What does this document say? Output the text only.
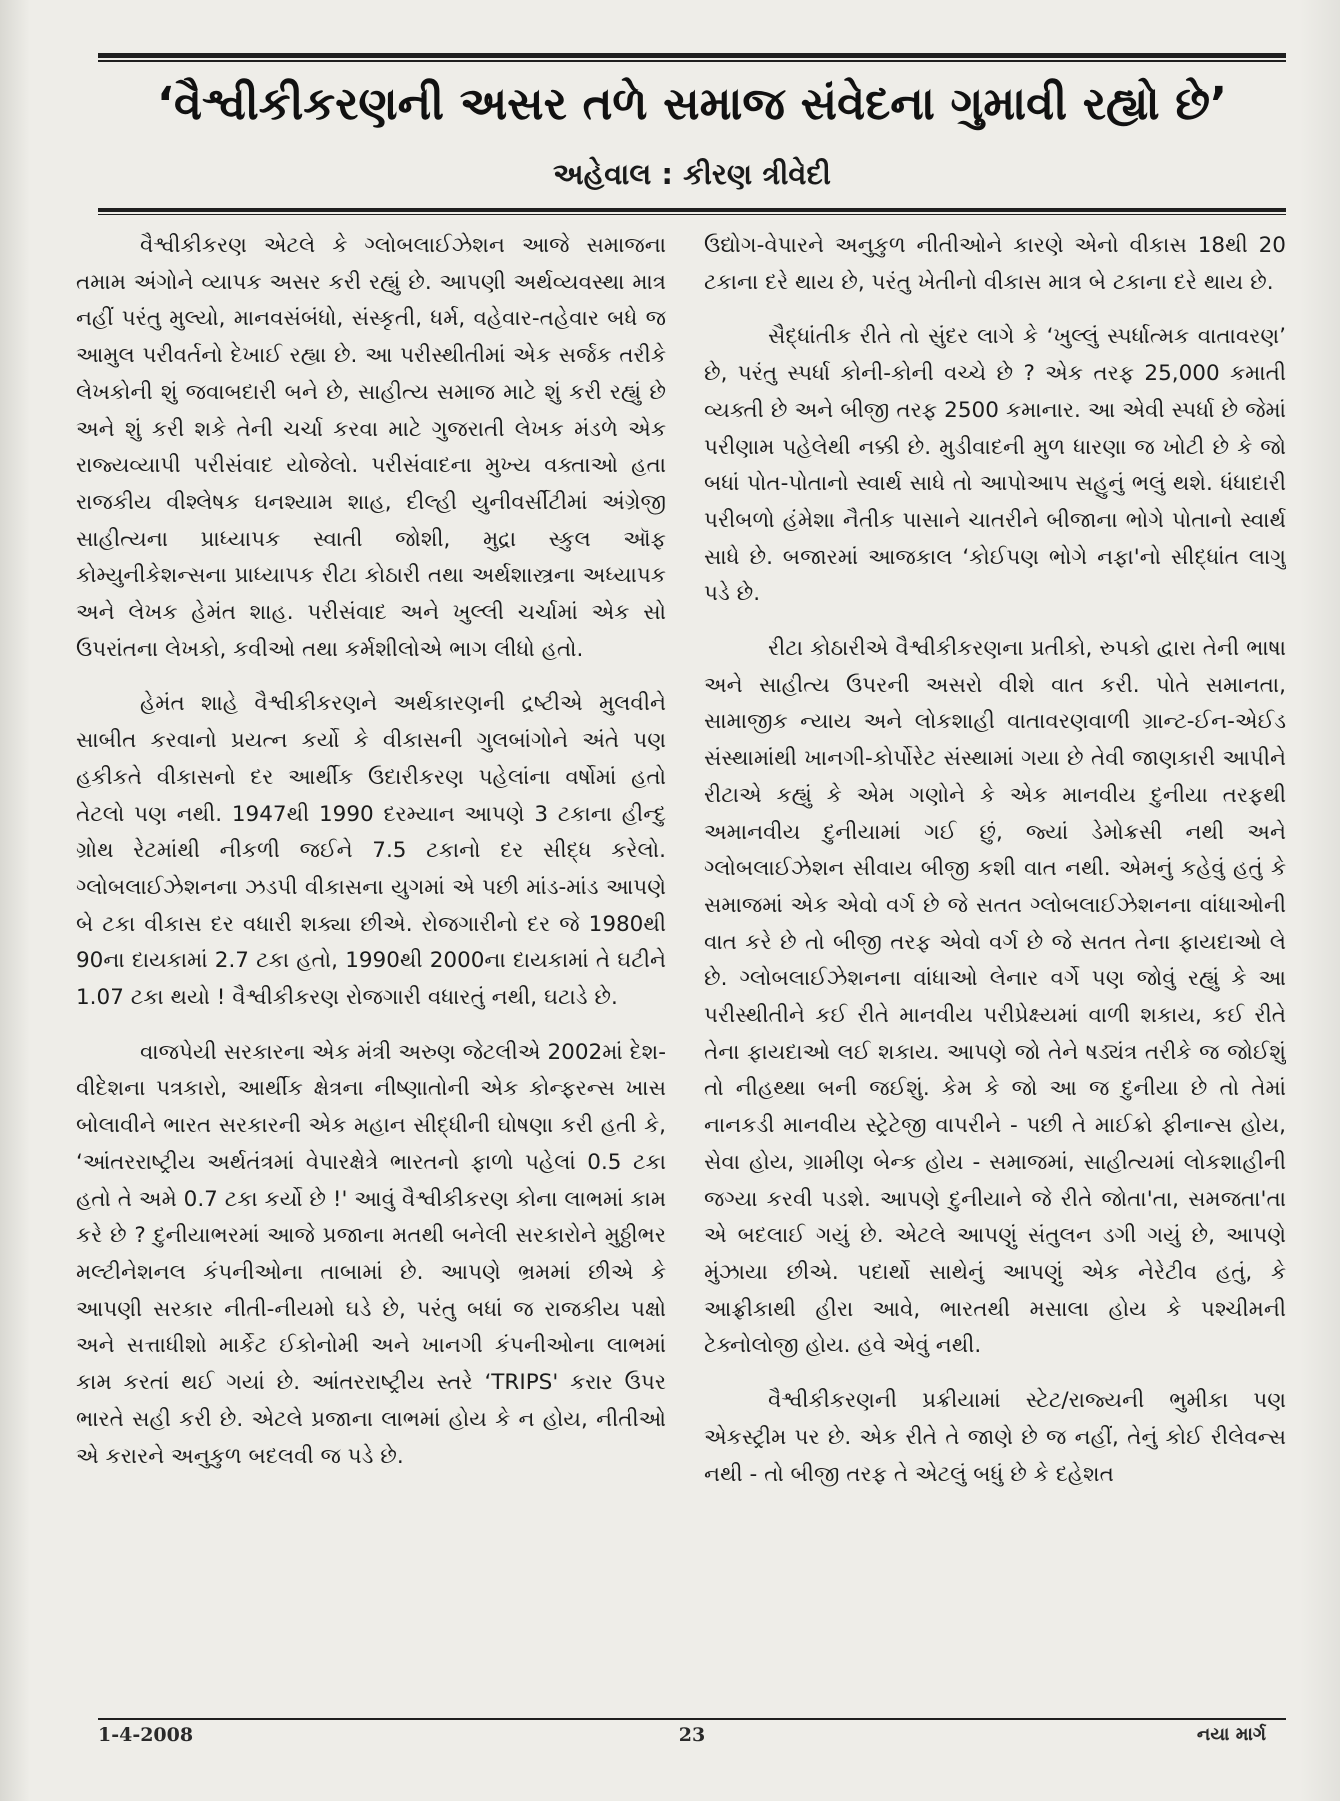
‘વૈશ્વીકીકરણની અસર તળે સમાજ સંવેદના ગુમાવી રહ્યો છે’
અહેવાલ : કીરણ ત્રીવેદી

વૈશ્વીકીકરણ એટલે કે ગ્લોબલાઈઝેશન આજે સમાજના તમામ અંગોને વ્યાપક અસર કરી રહ્યું છે. આપણી અર્થવ્યવસ્થા માત્ર નહીં પરંતુ મુલ્યો, માનવસંબંધો, સંસ્કૃતી, ધર્મ, વહેવાર-તહેવાર બધે જ આમુલ પરીવર્તનો દેખાઈ રહ્યા છે. આ પરીસ્થીતીમાં એક સર્જક તરીકે લેખકોની શું જવાબદારી બને છે, સાહીત્ય સમાજ માટે શું કરી રહ્યું છે અને શું કરી શકે તેની ચર્ચા કરવા માટે ગુજરાતી લેખક મંડળે એક રાજ્યવ્યાપી પરીસંવાદ યોજેલો. પરીસંવાદના મુખ્ય વક્તાઓ હતા રાજકીય વીશ્લેષક ઘનશ્યામ શાહ, દીલ્હી યુનીવર્સીટીમાં અંગ્રેજી સાહીત્યના પ્રાધ્યાપક સ્વાતી જોશી, મુદ્રા સ્કુલ ઑફ કોમ્યુનીકેશન્સના પ્રાધ્યાપક રીટા કોઠારી તથા અર્થશાસ્ત્રના અધ્યાપક અને લેખક હેમંત શાહ. પરીસંવાદ અને ખુલ્લી ચર્ચામાં એક સો ઉપરાંતના લેખકો, કવીઓ તથા કર્મશીલોએ ભાગ લીધો હતો.

હેમંત શાહે વૈશ્વીકીકરણને અર્થકારણની દ્રષ્ટીએ મુલવીને સાબીત કરવાનો પ્રયત્ન કર્યો કે વીકાસની ગુલબાંગોને અંતે પણ હકીકતે વીકાસનો દર આર્થીક ઉદારીકરણ પહેલાંના વર્ષોમાં હતો તેટલો પણ નથી. 1947થી 1990 દરમ્યાન આપણે 3 ટકાના હીન્દુ ગ્રોથ રેટમાંથી નીકળી જઈને 7.5 ટકાનો દર સીદ્ધ કરેલો. ગ્લોબલાઈઝેશનના ઝડપી વીકાસના યુગમાં એ પછી માંડ-માંડ આપણે બે ટકા વીકાસ દર વધારી શક્યા છીએ. રોજગારીનો દર જે 1980થી 90ના દાયકામાં 2.7 ટકા હતો, 1990થી 2000ના દાયકામાં તે ઘટીને 1.07 ટકા થયો ! વૈશ્વીકીકરણ રોજગારી વધારતું નથી, ઘટાડે છે.

વાજપેયી સરકારના એક મંત્રી અરુણ જેટલીએ 2002માં દેશ-વીદેશના પત્રકારો, આર્થીક ક્ષેત્રના નીષ્ણાતોની એક કોન્ફરન્સ ખાસ બોલાવીને ભારત સરકારની એક મહાન સીદ્ધીની ઘોષણા કરી હતી કે, ‘આંતરરાષ્ટ્રીય અર્થતંત્રમાં વેપારક્ષેત્રે ભારતનો ફાળો પહેલાં 0.5 ટકા હતો તે અમે 0.7 ટકા કર્યો છે !' આવું વૈશ્વીકીકરણ કોના લાભમાં કામ કરે છે ? દુનીયાભરમાં આજે પ્રજાના મતથી બનેલી સરકારોને મુઠ્ઠીભર મલ્ટીનેશનલ કંપનીઓના તાબામાં છે. આપણે ભ્રમમાં છીએ કે આપણી સરકાર નીતી-નીયમો ઘડે છે, પરંતુ બધાં જ રાજકીય પક્ષો અને સત્તાધીશો માર્કેટ ઈકોનોમી અને ખાનગી કંપનીઓના લાભમાં કામ કરતાં થઈ ગયાં છે. આંતરરાષ્ટ્રીય સ્તરે ‘TRIPS' કરાર ઉપર ભારતે સહી કરી છે. એટલે પ્રજાના લાભમાં હોય કે ન હોય, નીતીઓ એ કરારને અનુકુળ બદલવી જ પડે છે.

ઉદ્યોગ-વેપારને અનુકુળ નીતીઓને કારણે એનો વીકાસ 18થી 20 ટકાના દરે થાય છે, પરંતુ ખેતીનો વીકાસ માત્ર બે ટકાના દરે થાય છે.

સૈદ્ધાંતીક રીતે તો સુંદર લાગે કે ‘ખુલ્લું સ્પર્ધાત્મક વાતાવરણ’ છે, પરંતુ સ્પર્ધા કોની-કોની વચ્ચે છે ? એક તરફ 25,000 કમાતી વ્યક્તી છે અને બીજી તરફ 2500 કમાનાર. આ એવી સ્પર્ધા છે જેમાં પરીણામ પહેલેથી નક્કી છે. મુડીવાદની મુળ ધારણા જ ખોટી છે કે જો બધાં પોત-પોતાનો સ્વાર્થ સાધે તો આપોઆપ સહુનું ભલું થશે. ધંધાદારી પરીબળો હંમેશા નૈતીક પાસાને ચાતરીને બીજાના ભોગે પોતાનો સ્વાર્થ સાધે છે. બજારમાં આજકાલ ‘કોઈપણ ભોગે નફા'નો સીદ્ધાંત લાગુ પડે છે.

રીટા કોઠારીએ વૈશ્વીકીકરણના પ્રતીકો, રુપકો દ્વારા તેની ભાષા અને સાહીત્ય ઉપરની અસરો વીશે વાત કરી. પોતે સમાનતા, સામાજીક ન્યાય અને લોકશાહી વાતાવરણવાળી ગ્રાન્ટ-ઈન-એઈડ સંસ્થામાંથી ખાનગી-કોર્પોરેટ સંસ્થામાં ગયા છે તેવી જાણકારી આપીને રીટાએ કહ્યું કે એમ ગણોને કે એક માનવીય દુનીયા તરફથી અમાનવીય દુનીયામાં ગઈ છું, જ્યાં ડેમોક્રસી નથી અને ગ્લોબલાઈઝેશન સીવાય બીજી કશી વાત નથી. એમનું કહેવું હતું કે સમાજમાં એક એવો વર્ગ છે જે સતત ગ્લોબલાઈઝેશનના વાંધાઓની વાત કરે છે તો બીજી તરફ એવો વર્ગ છે જે સતત તેના ફાયદાઓ લે છે. ગ્લોબલાઈઝેશનના વાંધાઓ લેનાર વર્ગે પણ જોવું રહ્યું કે આ પરીસ્થીતીને કઈ રીતે માનવીય પરીપ્રેક્ષ્યમાં વાળી શકાય, કઈ રીતે તેના ફાયદાઓ લઈ શકાય. આપણે જો તેને ષડ્યંત્ર તરીકે જ જોઈશું તો નીહથ્થા બની જઈશું. કેમ કે જો આ જ દુનીયા છે તો તેમાં નાનકડી માનવીય સ્ટ્રેટેજી વાપરીને - પછી તે માઈક્રો ફીનાન્સ હોય, સેવા હોય, ગ્રામીણ બેન્ક હોય - સમાજમાં, સાહીત્યમાં લોકશાહીની જગ્યા કરવી પડશે. આપણે દુનીયાને જે રીતે જોતા'તા, સમજતા'તા એ બદલાઈ ગયું છે. એટલે આપણું સંતુલન ડગી ગયું છે, આપણે મુંઝાયા છીએ. પદાર્થો સાથેનું આપણું એક નેરેટીવ હતું, કે આફ્રીકાથી હીરા આવે, ભારતથી મસાલા હોય કે પશ્ચીમની ટેક્નોલોજી હોય. હવે એવું નથી.

વૈશ્વીકીકરણની પ્રક્રીયામાં સ્ટેટ/રાજ્યની ભુમીકા પણ એકસ્ટ્રીમ પર છે. એક રીતે તે જાણે છે જ નહીં, તેનું કોઈ રીલેવન્સ નથી - તો બીજી તરફ તે એટલું બધું છે કે દહેશત

1-4-2008	23	નયા માર્ગ
